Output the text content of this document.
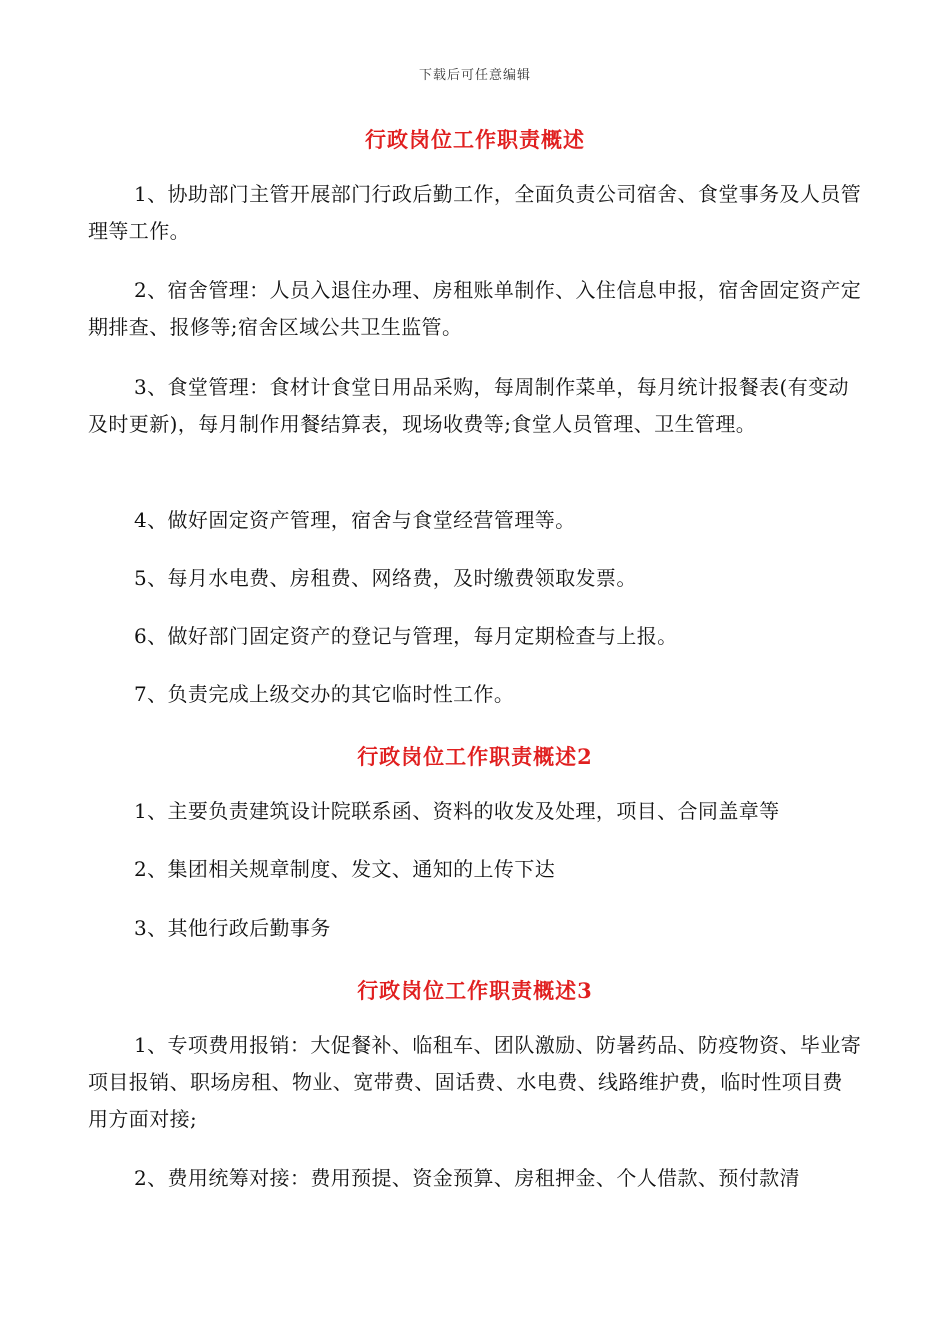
下载后可任意编辑
行政岗位工作职责概述
1、协助部门主管开展部门行政后勤工作，全面负责公司宿舍、食堂事务及人员管理等工作。
2、宿舍管理：人员入退住办理、房租账单制作、入住信息申报，宿舍固定资产定期排查、报修等;宿舍区域公共卫生监管。
3、食堂管理：食材计食堂日用品采购，每周制作菜单，每月统计报餐表(有变动及时更新)，每月制作用餐结算表，现场收费等;食堂人员管理、卫生管理。
4、做好固定资产管理，宿舍与食堂经营管理等。
5、每月水电费、房租费、网络费，及时缴费领取发票。
6、做好部门固定资产的登记与管理，每月定期检查与上报。
7、负责完成上级交办的其它临时性工作。
行政岗位工作职责概述2
1、主要负责建筑设计院联系函、资料的收发及处理，项目、合同盖章等
2、集团相关规章制度、发文、通知的上传下达
3、其他行政后勤事务
行政岗位工作职责概述3
1、专项费用报销：大促餐补、临租车、团队激励、防暑药品、防疫物资、毕业寄项目报销、职场房租、物业、宽带费、固话费、水电费、线路维护费，临时性项目费用方面对接;
2、费用统筹对接：费用预提、资金预算、房租押金、个人借款、预付款清
